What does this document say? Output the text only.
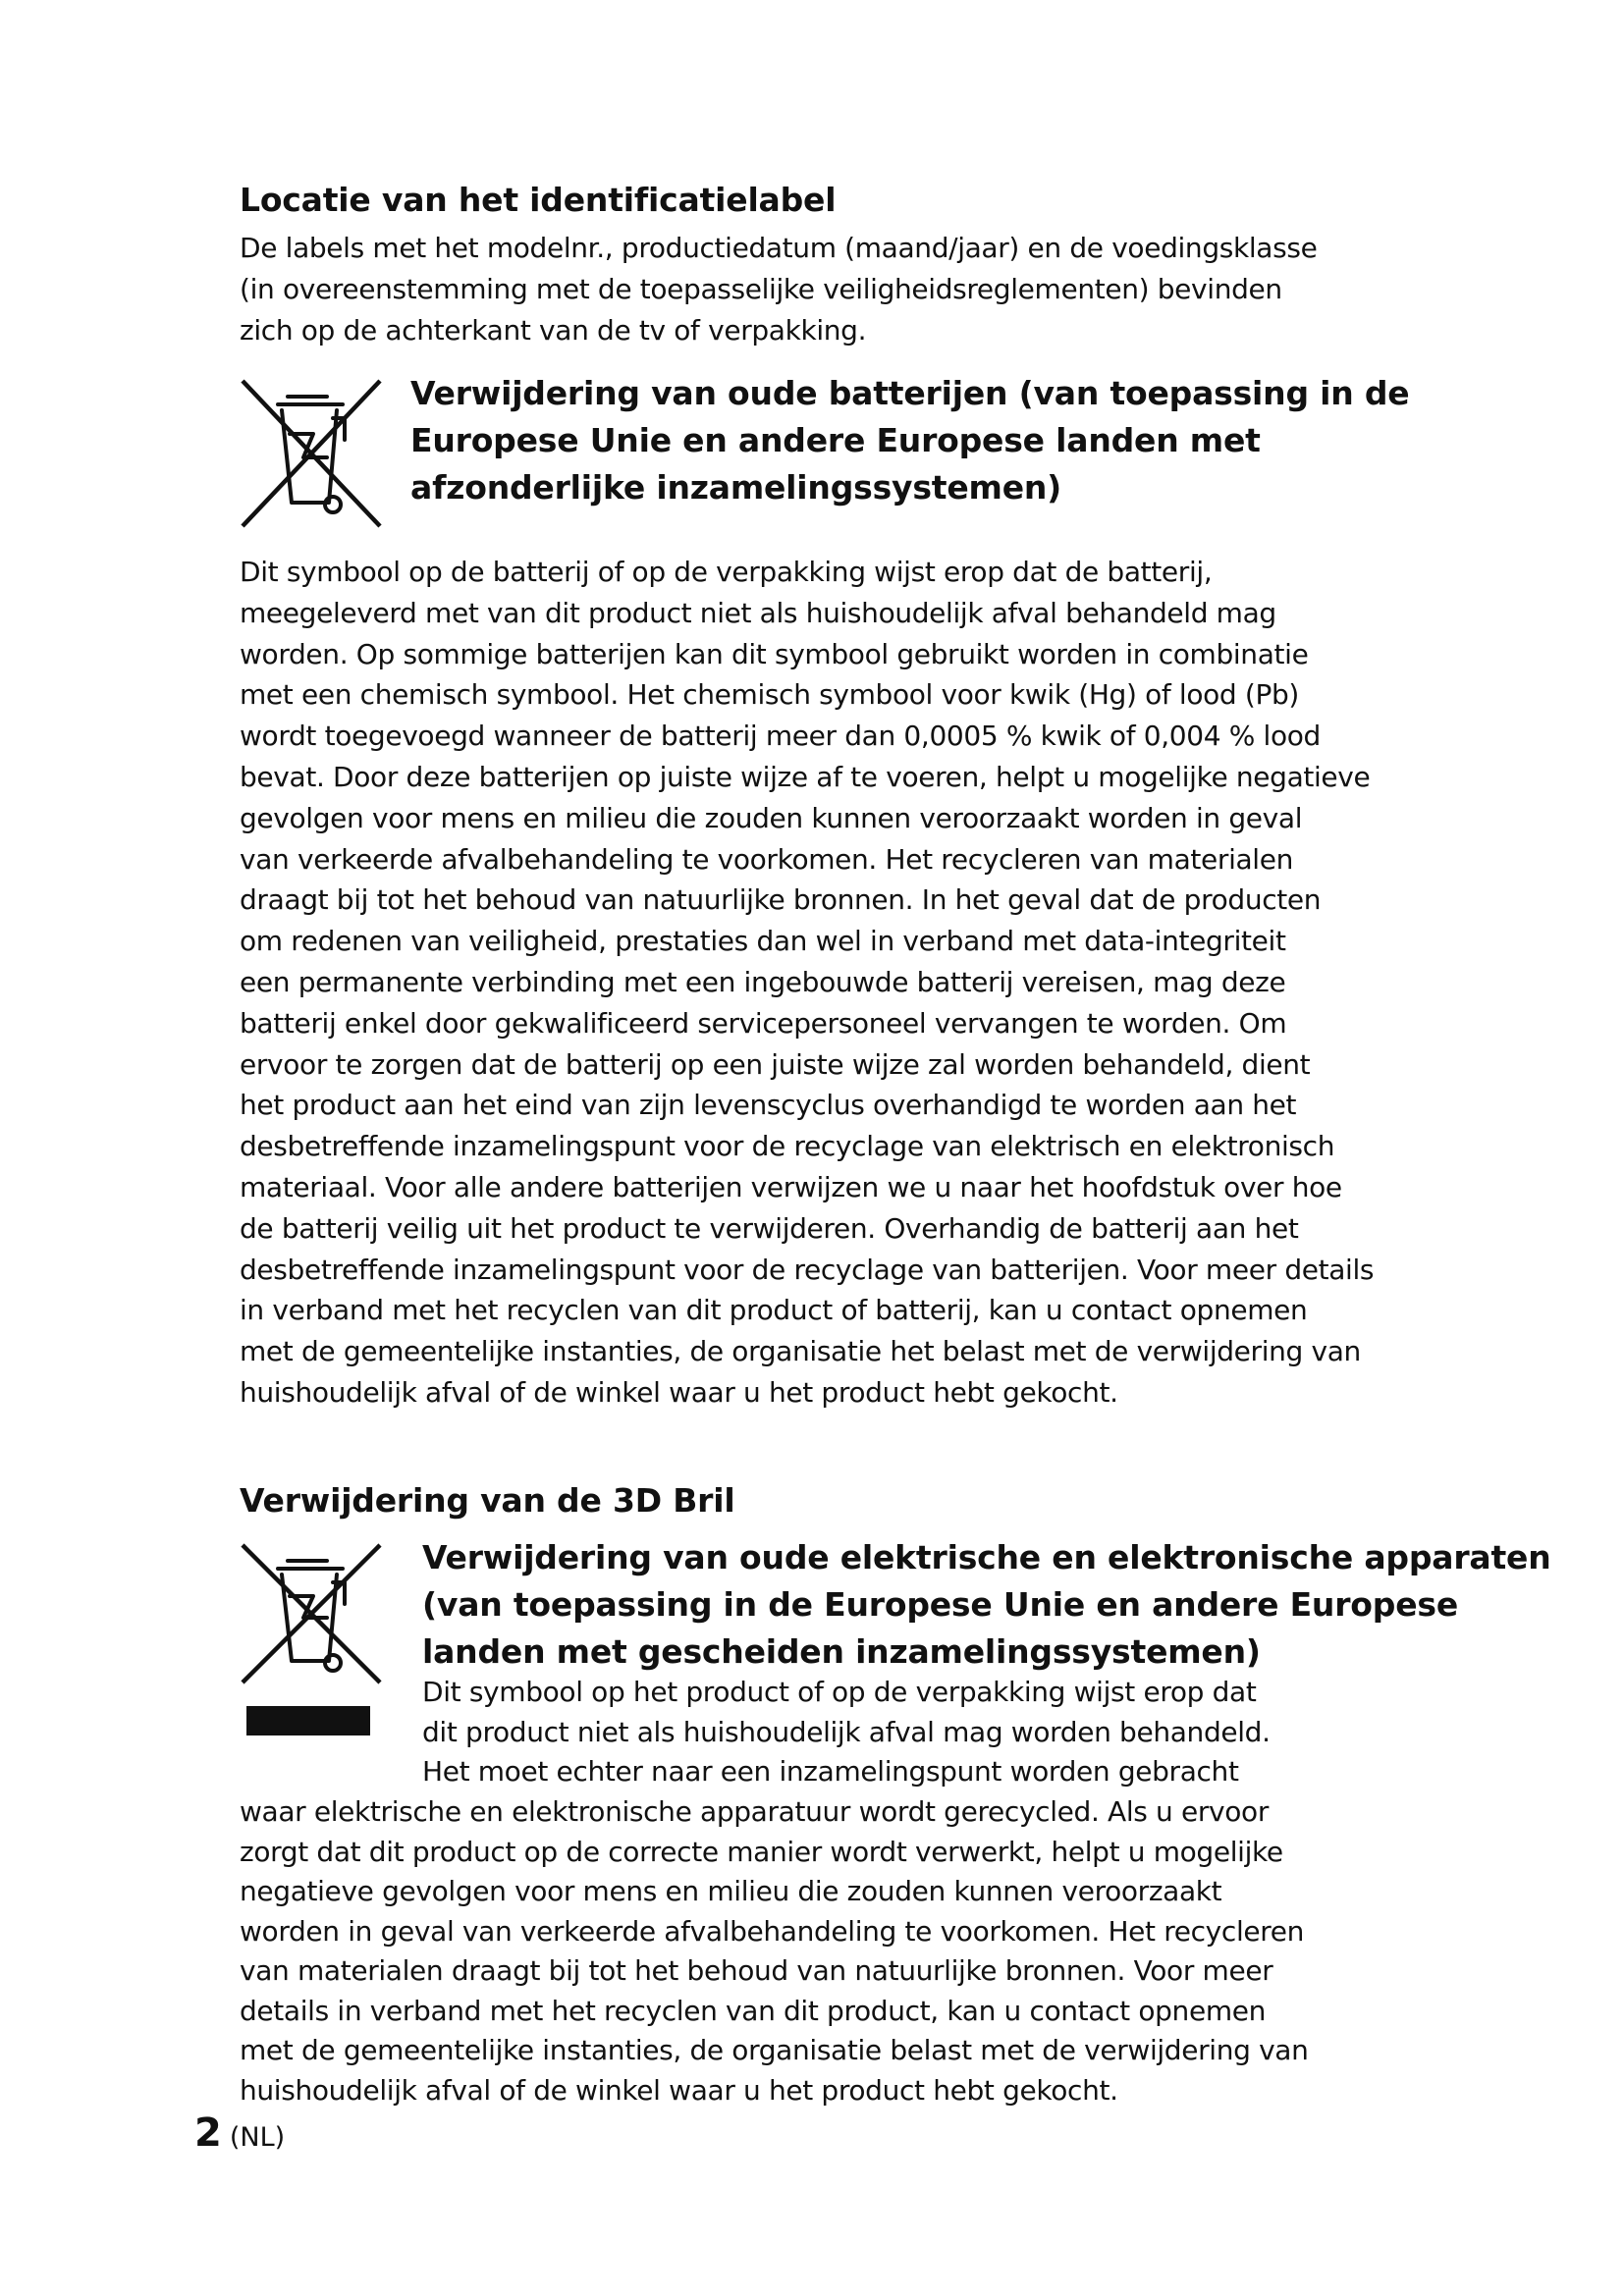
Locatie van het identificatielabel
De labels met het modelnr., productiedatum (maand/jaar) en de voedingsklasse
(in overeenstemming met de toepasselijke veiligheidsreglementen) bevinden
zich op de achterkant van de tv of verpakking.
Verwijdering van oude batterijen (van toepassing in de
Europese Unie en andere Europese landen met
afzonderlijke inzamelingssystemen)
Dit symbool op de batterij of op de verpakking wijst erop dat de batterij,
meegeleverd met van dit product niet als huishoudelijk afval behandeld mag
worden. Op sommige batterijen kan dit symbool gebruikt worden in combinatie
met een chemisch symbool. Het chemisch symbool voor kwik (Hg) of lood (Pb)
wordt toegevoegd wanneer de batterij meer dan 0,0005 % kwik of 0,004 % lood
bevat. Door deze batterijen op juiste wijze af te voeren, helpt u mogelijke negatieve
gevolgen voor mens en milieu die zouden kunnen veroorzaakt worden in geval
van verkeerde afvalbehandeling te voorkomen. Het recycleren van materialen
draagt bij tot het behoud van natuurlijke bronnen. In het geval dat de producten
om redenen van veiligheid, prestaties dan wel in verband met data-integriteit
een permanente verbinding met een ingebouwde batterij vereisen, mag deze
batterij enkel door gekwalificeerd servicepersoneel vervangen te worden. Om
ervoor te zorgen dat de batterij op een juiste wijze zal worden behandeld, dient
het product aan het eind van zijn levenscyclus overhandigd te worden aan het
desbetreffende inzamelingspunt voor de recyclage van elektrisch en elektronisch
materiaal. Voor alle andere batterijen verwijzen we u naar het hoofdstuk over hoe
de batterij veilig uit het product te verwijderen. Overhandig de batterij aan het
desbetreffende inzamelingspunt voor de recyclage van batterijen. Voor meer details
in verband met het recyclen van dit product of batterij, kan u contact opnemen
met de gemeentelijke instanties, de organisatie het belast met de verwijdering van
huishoudelijk afval of de winkel waar u het product hebt gekocht.
Verwijdering van de 3D Bril
Verwijdering van oude elektrische en elektronische apparaten
(van toepassing in de Europese Unie en andere Europese
landen met gescheiden inzamelingssystemen)
Dit symbool op het product of op de verpakking wijst erop dat
dit product niet als huishoudelijk afval mag worden behandeld.
Het moet echter naar een inzamelingspunt worden gebracht
waar elektrische en elektronische apparatuur wordt gerecycled. Als u ervoor
zorgt dat dit product op de correcte manier wordt verwerkt, helpt u mogelijke
negatieve gevolgen voor mens en milieu die zouden kunnen veroorzaakt
worden in geval van verkeerde afvalbehandeling te voorkomen. Het recycleren
van materialen draagt bij tot het behoud van natuurlijke bronnen. Voor meer
details in verband met het recyclen van dit product, kan u contact opnemen
met de gemeentelijke instanties, de organisatie belast met de verwijdering van
huishoudelijk afval of de winkel waar u het product hebt gekocht.
2 (NL)
